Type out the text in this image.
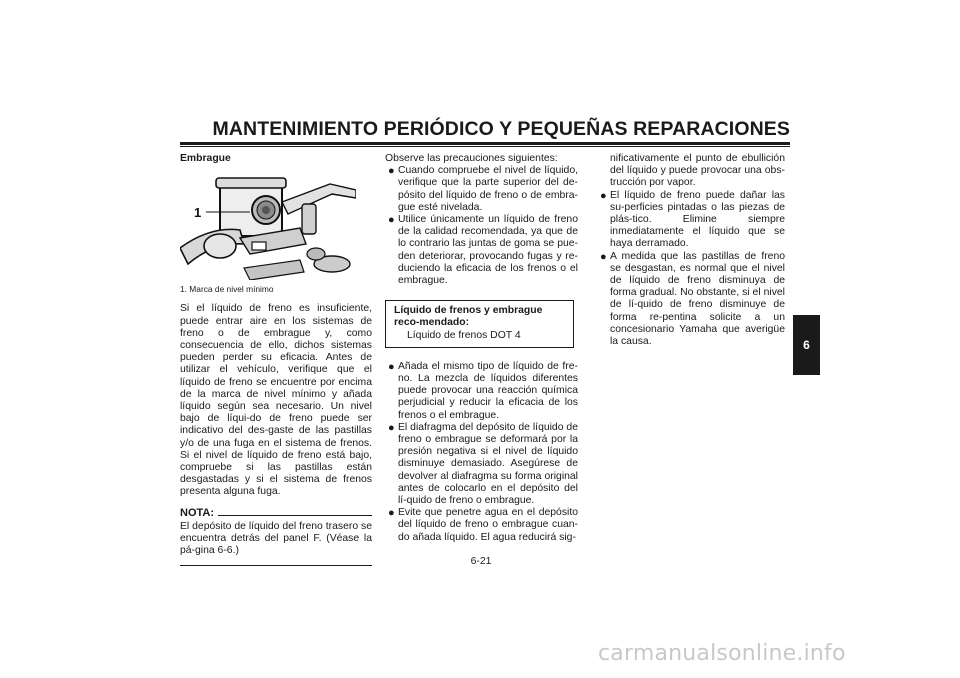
MANTENIMIENTO PERIÓDICO Y PEQUEÑAS REPARACIONES
Embrague
1
1. Marca de nivel mínimo

Si el líquido de freno es insuficiente, puede entrar aire en los sistemas de freno o de embrague y, como consecuencia de ello, dichos sistemas pueden perder su eficacia. Antes de utilizar el vehículo, verifique que el líquido de freno se encuentre por encima de la marca de nivel mínimo y añada líquido según sea necesario. Un nivel bajo de líqui-do de freno puede ser indicativo del des-gaste de las pastillas y/o de una fuga en el sistema de frenos. Si el nivel de líquido de freno está bajo, compruebe si las pastillas están desgastadas y si el sistema de frenos presenta alguna fuga.

NOTA:

El depósito de líquido del freno trasero se encuentra detrás del panel F. (Véase la pá-gina 6-6.)

Observe las precauciones siguientes:

● Cuando compruebe el nivel de líquido, verifique que la parte superior del de-pósito del líquido de freno o de embra-gue esté nivelada.
● Utilice únicamente un líquido de freno de la calidad recomendada, ya que de lo contrario las juntas de goma se pue-den deteriorar, provocando fugas y re-duciendo la eficacia de los frenos o el embrague.
Líquido de frenos y embrague reco-mendado:
Líquido de frenos DOT 4
● Añada el mismo tipo de líquido de fre-no. La mezcla de líquidos diferentes puede provocar una reacción química perjudicial y reducir la eficacia de los frenos o el embrague.
● El diafragma del depósito de líquido de freno o embrague se deformará por la presión negativa si el nivel de líquido disminuye demasiado. Asegúrese de devolver al diafragma su forma original antes de colocarlo en el depósito del lí-quido de freno o embrague.
● Evite que penetre agua en el depósito del líquido de freno o embrague cuan-do añada líquido. El agua reducirá sig-

nificativamente el punto de ebullición del líquido y puede provocar una obs-trucción por vapor.

● El líquido de freno puede dañar las su-perficies pintadas o las piezas de plás-tico. Elimine siempre inmediatamente el líquido que se haya derramado.
● A medida que las pastillas de freno se desgastan, es normal que el nivel de líquido de freno disminuya de forma gradual. No obstante, si el nivel de lí-quido de freno disminuye de forma re-pentina solicite a un concesionario Yamaha que averigüe la causa.	6
6-21
carmanualsonline.info
